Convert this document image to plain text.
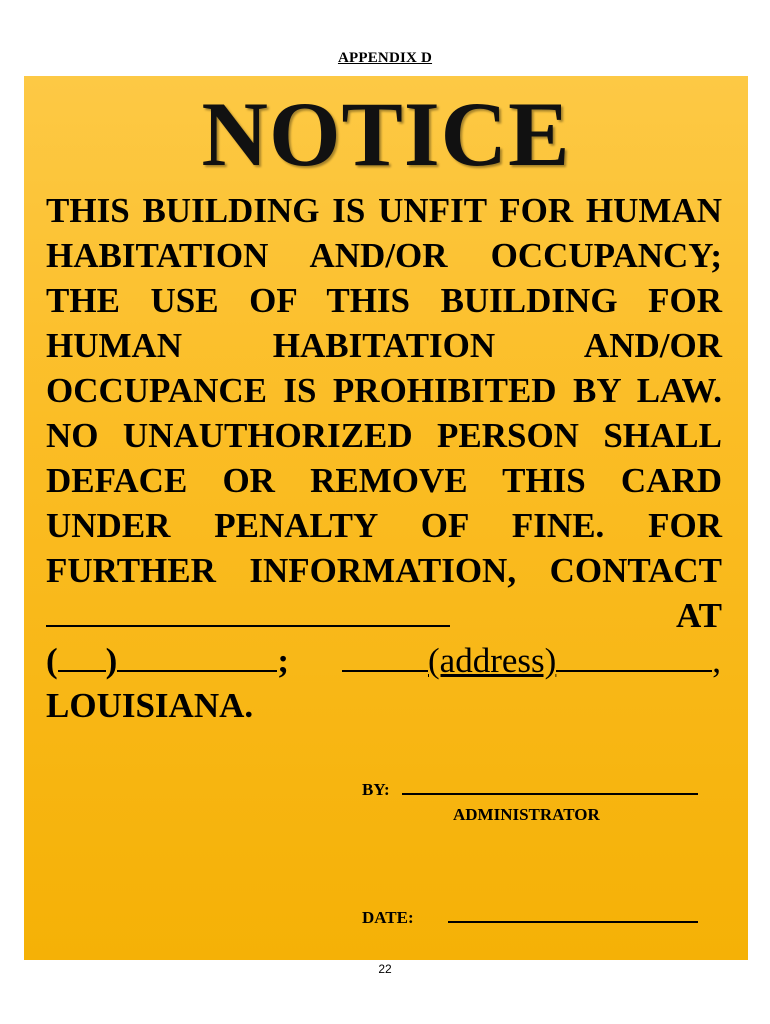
APPENDIX D
NOTICE
THIS BUILDING IS UNFIT FOR HUMAN
HABITATION AND/OR OCCUPANCY;
THE USE OF THIS BUILDING FOR
HUMAN HABITATION AND/OR
OCCUPANCE IS PROHIBITED BY LAW.
NO UNAUTHORIZED PERSON SHALL
DEFACE OR REMOVE THIS CARD
UNDER PENALTY OF FINE. FOR
FURTHER INFORMATION, CONTACT
AT
( )	;	(address)	,
LOUISIANA.
BY:
ADMINISTRATOR
DATE:
22
